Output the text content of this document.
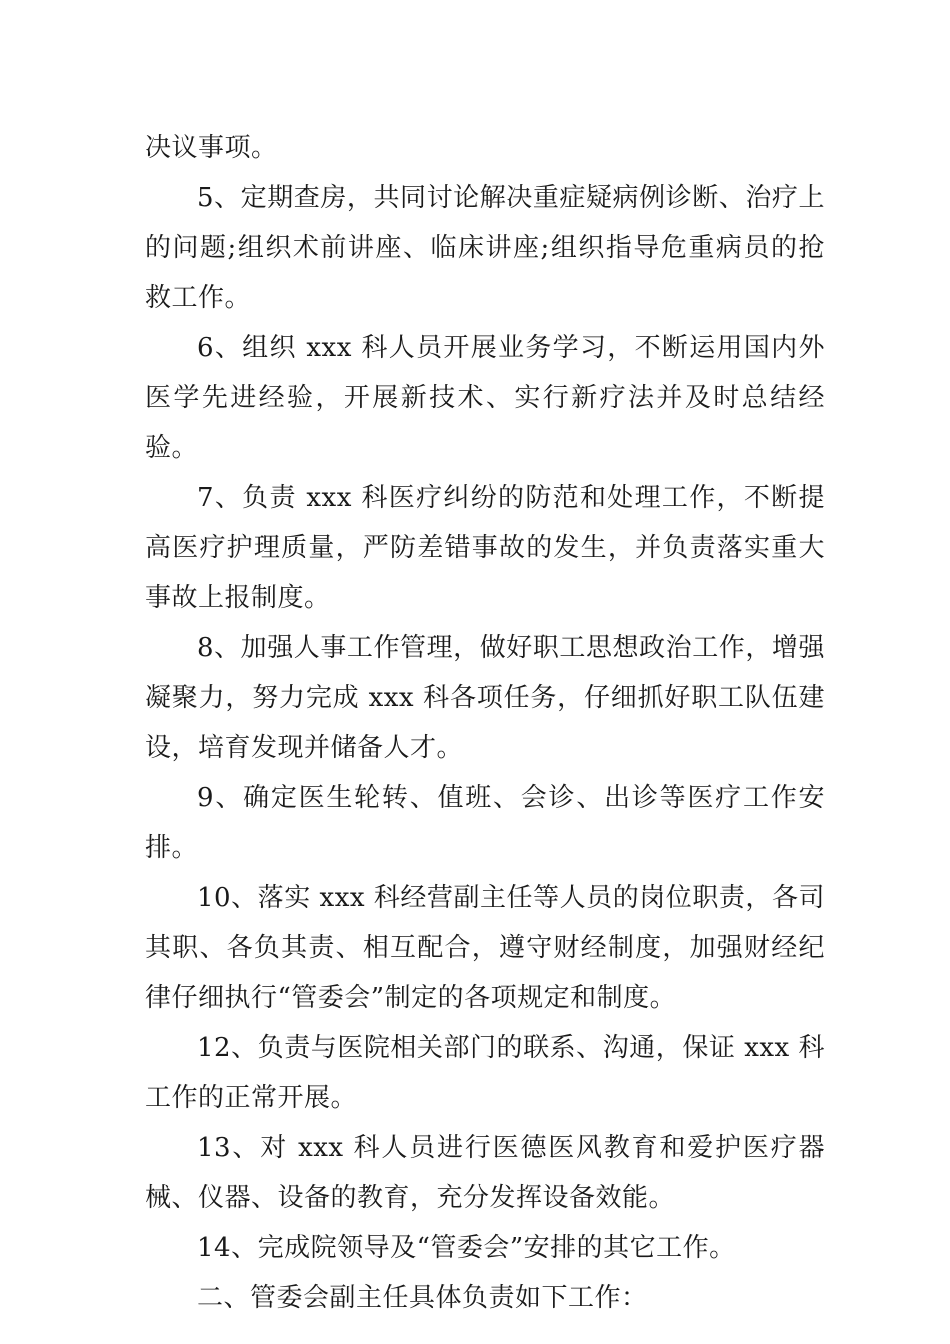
决议事项。

5、定期查房，共同讨论解决重症疑病例诊断、治疗上的问题;组织术前讲座、临床讲座;组织指导危重病员的抢救工作。

6、组织 xxx 科人员开展业务学习，不断运用国内外医学先进经验，开展新技术、实行新疗法并及时总结经验。

7、负责 xxx 科医疗纠纷的防范和处理工作，不断提高医疗护理质量，严防差错事故的发生，并负责落实重大事故上报制度。

8、加强人事工作管理，做好职工思想政治工作，增强凝聚力，努力完成 xxx 科各项任务，仔细抓好职工队伍建设，培育发现并储备人才。

9、确定医生轮转、值班、会诊、出诊等医疗工作安排。

10、落实 xxx 科经营副主任等人员的岗位职责，各司其职、各负其责、相互配合，遵守财经制度，加强财经纪律仔细执行“管委会”制定的各项规定和制度。

12、负责与医院相关部门的联系、沟通，保证 xxx 科工作的正常开展。

13、对 xxx 科人员进行医德医风教育和爱护医疗器械、仪器、设备的教育，充分发挥设备效能。

14、完成院领导及“管委会”安排的其它工作。

二、管委会副主任具体负责如下工作：
